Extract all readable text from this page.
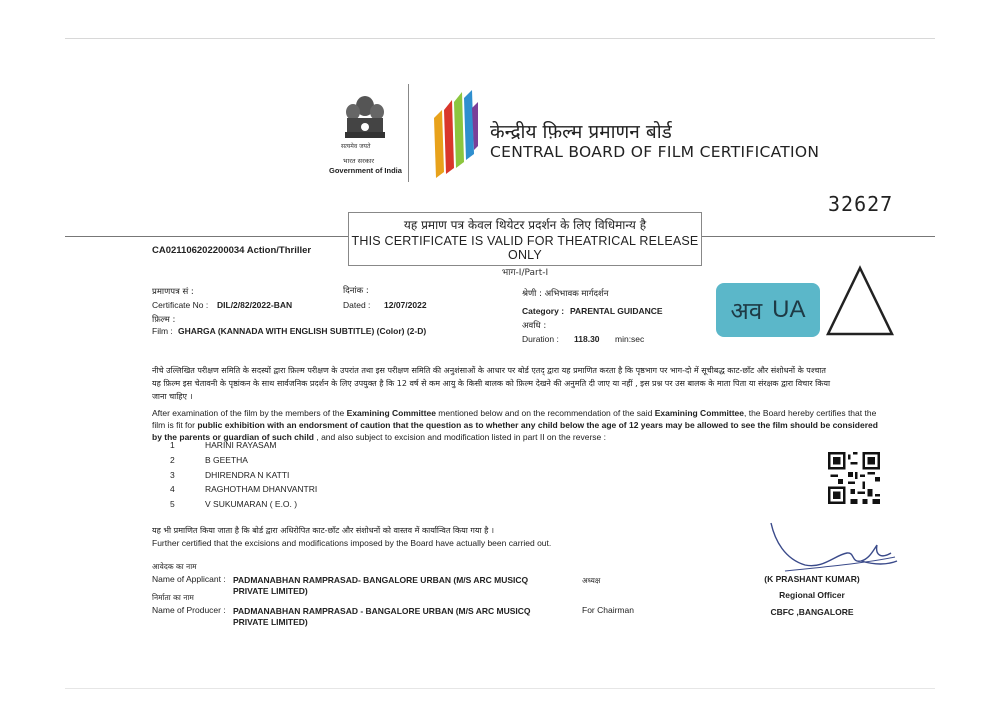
सत्यमेव जयते
भारत सरकार
Government of India
केन्द्रीय फ़िल्म प्रमाणन बोर्ड
CENTRAL BOARD OF FILM CERTIFICATION
32627
यह प्रमाण पत्र केवल थियेटर प्रदर्शन के लिए विधिमान्य है
THIS CERTIFICATE IS VALID FOR THEATRICAL RELEASE ONLY
भाग-I/Part-I
CA021106202200034 Action/Thriller
प्रमाणपत्र सं :
Certificate No : DIL/2/82/2022-BAN
दिनांक :
Dated : 12/07/2022
फ़िल्म :
Film : GHARGA (KANNADA WITH ENGLISH SUBTITLE) (Color) (2-D)
श्रेणी : अभिभावक मार्गदर्शन
Category : PARENTAL GUIDANCE
अवधि :
Duration : 118.30 min:sec
अव UA
नीचे उल्लिखित परीक्षण समिति के सदस्यों द्वारा फ़िल्म परीक्षण के उपरांत तथा इस परीक्षण समिति की अनुशंसाओं के आधार पर बोर्ड एतद् द्वारा यह प्रमाणित करता है कि पृष्ठभाग पर भाग-दो में सूचीबद्ध काट-छाँट और संशोधनों के पश्चात
यह फ़िल्म इस चेतावनी के पृष्ठांकन के साथ सार्वजनिक प्रदर्शन के लिए उपयुक्त है कि 12 वर्ष से कम आयु के किसी बालक को फ़िल्म देखने की अनुमति दी जाए या नहीं , इस प्रश्न पर उस बालक के माता पिता या संरक्षक द्वारा विचार किया
जाना चाहिए ।
After examination of the film by the members of the Examining Committee mentioned below and on the recommendation of the said Examining Committee, the Board hereby certifies that the film is fit for public exhibition with an endorsment of caution that the question as to whether any child below the age of 12 years may be allowed to see the film should be considered by the parents or guardian of such child , and also subject to excision and modification listed in part II on the reverse :
1	HARINI RAYASAM
2	B GEETHA
3	DHIRENDRA N KATTI
4	RAGHOTHAM DHANVANTRI
5	V SUKUMARAN ( E.O. )
यह भी प्रमाणित किया जाता है कि बोर्ड द्वारा अधिरोपित काट-छाँट और संशोधनों को वास्तव में कार्यान्वित किया गया है ।
Further certified that the excisions and modifications imposed by the Board have actually been carried out.
आवेदक का नाम
Name of Applicant : PADMANABHAN RAMPRASAD- BANGALORE URBAN (M/S ARC MUSICQ
PRIVATE LIMITED)
निर्माता का नाम
Name of Producer : PADMANABHAN RAMPRASAD - BANGALORE URBAN (M/S ARC MUSICQ
PRIVATE LIMITED)
अध्यक्ष
For Chairman
(K PRASHANT KUMAR)
Regional Officer
CBFC ,BANGALORE
